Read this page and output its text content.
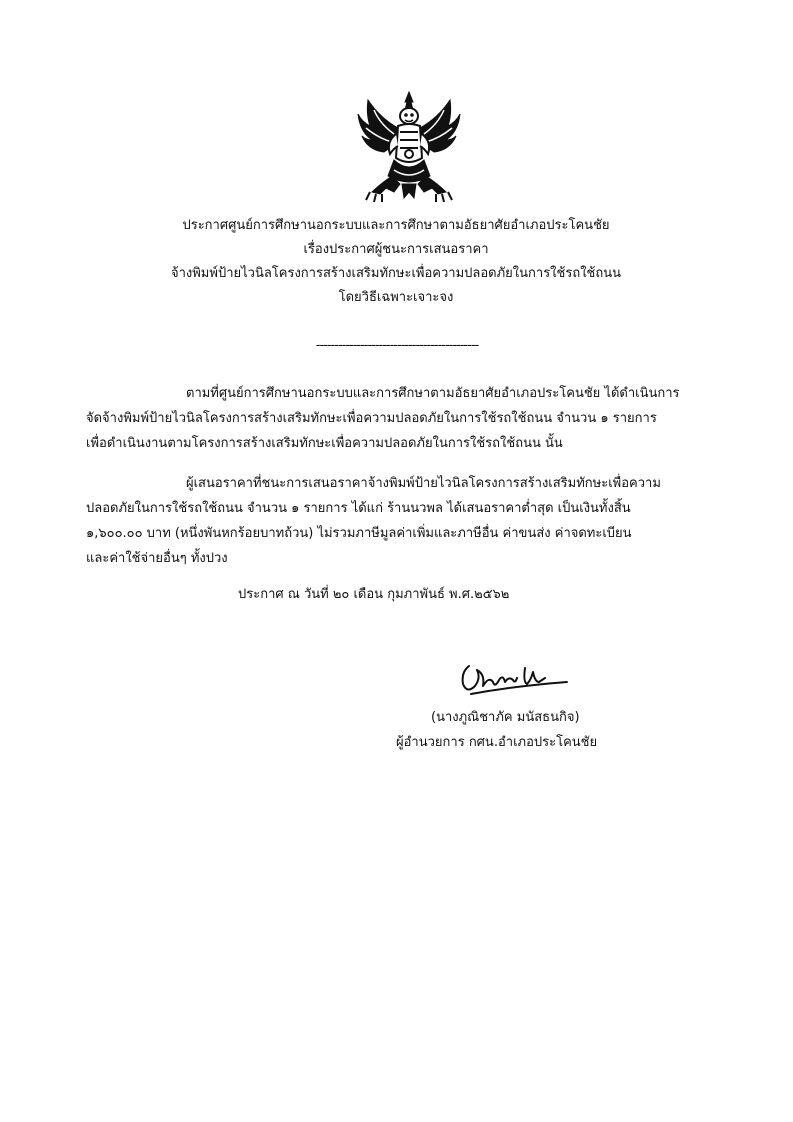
ประกาศศูนย์การศึกษานอกระบบและการศึกษาตามอัธยาศัยอำเภอประโคนชัย
เรื่องประกาศผู้ชนะการเสนอราคา
จ้างพิมพ์ป้ายไวนิลโครงการสร้างเสริมทักษะเพื่อความปลอดภัยในการใช้รถใช้ถนน
โดยวิธีเฉพาะเจาะจง
--------------------------------------------
ตามที่ศูนย์การศึกษานอกระบบและการศึกษาตามอัธยาศัยอำเภอประโคนชัย ได้ดำเนินการ
จัดจ้างพิมพ์ป้ายไวนิลโครงการสร้างเสริมทักษะเพื่อความปลอดภัยในการใช้รถใช้ถนน จำนวน ๑ รายการ
เพื่อดำเนินงานตามโครงการสร้างเสริมทักษะเพื่อความปลอดภัยในการใช้รถใช้ถนน นั้น
ผู้เสนอราคาที่ชนะการเสนอราคาจ้างพิมพ์ป้ายไวนิลโครงการสร้างเสริมทักษะเพื่อความ
ปลอดภัยในการใช้รถใช้ถนน จำนวน ๑ รายการ ได้แก่ ร้านนวพล ได้เสนอราคาต่ำสุด เป็นเงินทั้งสิ้น
๑,๖๐๐.๐๐ บาท (หนึ่งพันหกร้อยบาทถ้วน) ไม่รวมภาษีมูลค่าเพิ่มและภาษีอื่น ค่าขนส่ง ค่าจดทะเบียน
และค่าใช้จ่ายอื่นๆ ทั้งปวง
ประกาศ ณ วันที่ ๒๐ เดือน กุมภาพันธ์ พ.ศ.๒๕๖๒
(นางภูณิชาภัค มนัสธนกิจ)
ผู้อำนวยการ กศน.อำเภอประโคนชัย
